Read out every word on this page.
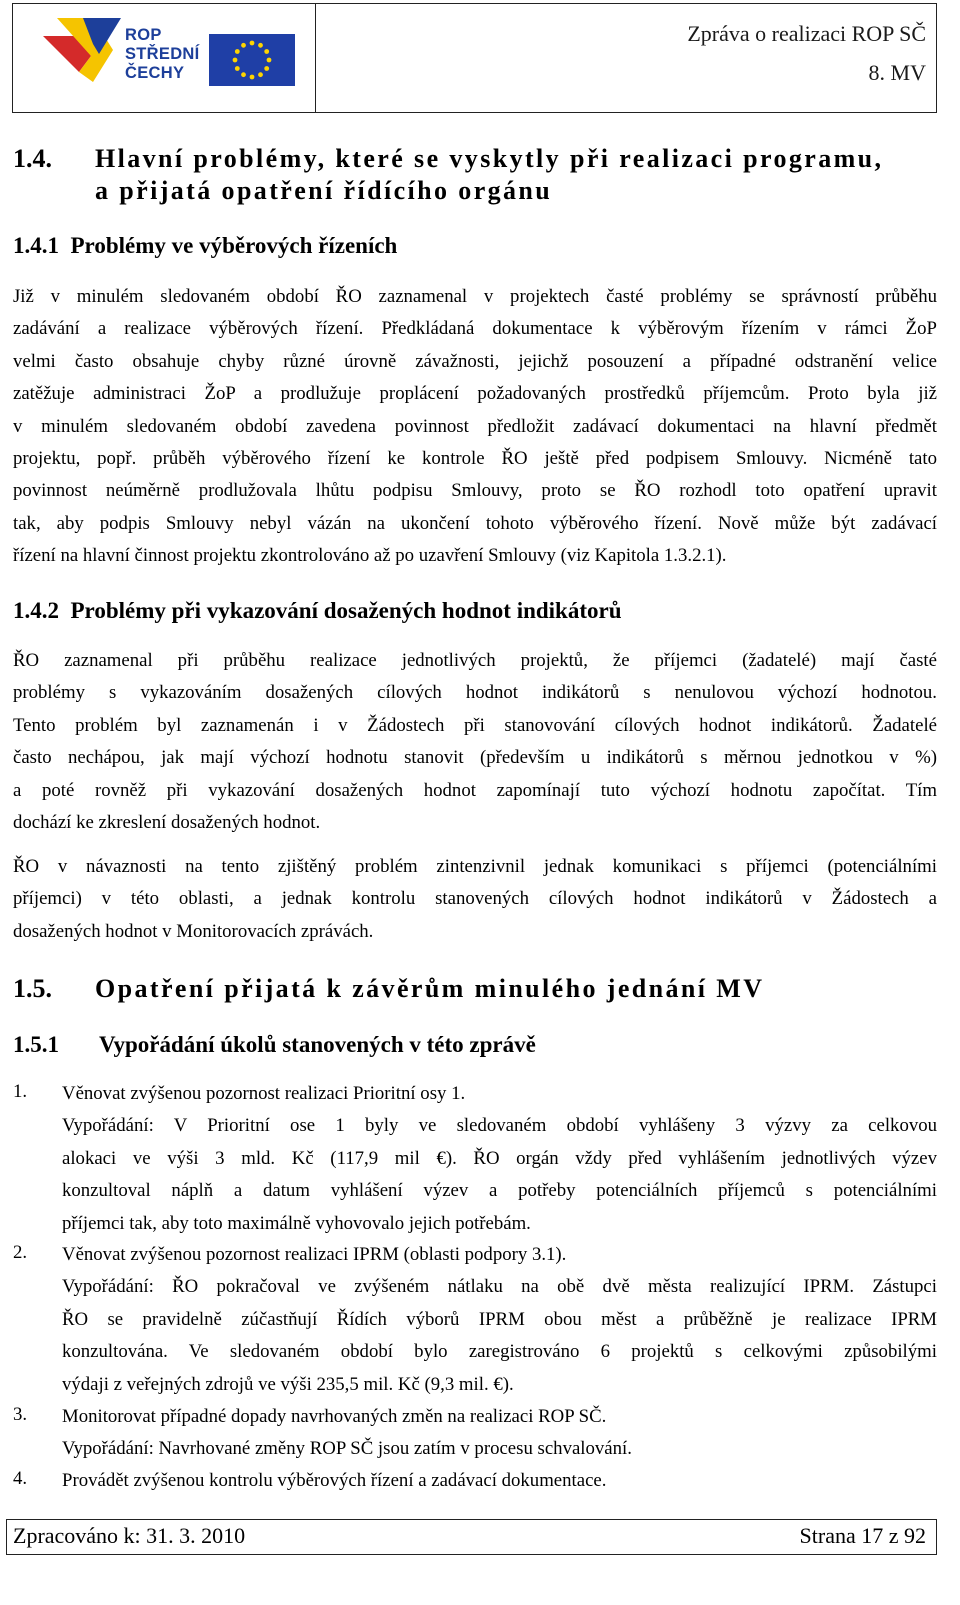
ROP
STŘEDNÍ
ČECHY
Zpráva o realizaci ROP SČ
8. MV
1.4. Hlavní problémy, které se vyskytly při realizaci programu,
a přijatá opatření řídícího orgánu
1.4.1 Problémy ve výběrových řízeních
Již v minulém sledovaném období ŘO zaznamenal v projektech časté problémy se správností průběhu
zadávání a realizace výběrových řízení. Předkládaná dokumentace k výběrovým řízením v rámci ŽoP
velmi často obsahuje chyby různé úrovně závažnosti, jejichž posouzení a případné odstranění velice
zatěžuje administraci ŽoP a prodlužuje proplácení požadovaných prostředků příjemcům. Proto byla již
v minulém sledovaném období zavedena povinnost předložit zadávací dokumentaci na hlavní předmět
projektu, popř. průběh výběrového řízení ke kontrole ŘO ještě před podpisem Smlouvy. Nicméně tato
povinnost neúměrně prodlužovala lhůtu podpisu Smlouvy, proto se ŘO rozhodl toto opatření upravit
tak, aby podpis Smlouvy nebyl vázán na ukončení tohoto výběrového řízení. Nově může být zadávací
řízení na hlavní činnost projektu zkontrolováno až po uzavření Smlouvy (viz Kapitola 1.3.2.1).
1.4.2 Problémy při vykazování dosažených hodnot indikátorů
ŘO zaznamenal při průběhu realizace jednotlivých projektů, že příjemci (žadatelé) mají časté
problémy s vykazováním dosažených cílových hodnot indikátorů s nenulovou výchozí hodnotou.
Tento problém byl zaznamenán i v Žádostech při stanovování cílových hodnot indikátorů. Žadatelé
často nechápou, jak mají výchozí hodnotu stanovit (především u indikátorů s měrnou jednotkou v %)
a poté rovněž při vykazování dosažených hodnot zapomínají tuto výchozí hodnotu započítat. Tím
dochází ke zkreslení dosažených hodnot.
ŘO v návaznosti na tento zjištěný problém zintenzivnil jednak komunikaci s příjemci (potenciálními
příjemci) v této oblasti, a jednak kontrolu stanovených cílových hodnot indikátorů v Žádostech a
dosažených hodnot v Monitorovacích zprávách.
1.5. Opatření přijatá k závěrům minulého jednání MV
1.5.1 Vypořádání úkolů stanovených v této zprávě
1. Věnovat zvýšenou pozornost realizaci Prioritní osy 1.
Vypořádání: V Prioritní ose 1 byly ve sledovaném období vyhlášeny 3 výzvy za celkovou
alokaci ve výši 3 mld. Kč (117,9 mil €). ŘO orgán vždy před vyhlášením jednotlivých výzev
konzultoval náplň a datum vyhlášení výzev a potřeby potenciálních příjemců s potenciálními
příjemci tak, aby toto maximálně vyhovovalo jejich potřebám.
2. Věnovat zvýšenou pozornost realizaci IPRM (oblasti podpory 3.1).
Vypořádání: ŘO pokračoval ve zvýšeném nátlaku na obě dvě města realizující IPRM. Zástupci
ŘO se pravidelně zúčastňují Řídích výborů IPRM obou měst a průběžně je realizace IPRM
konzultována. Ve sledovaném období bylo zaregistrováno 6 projektů s celkovými způsobilými
výdaji z veřejných zdrojů ve výši 235,5 mil. Kč (9,3 mil. €).
3. Monitorovat případné dopady navrhovaných změn na realizaci ROP SČ.
Vypořádání: Navrhované změny ROP SČ jsou zatím v procesu schvalování.
4. Provádět zvýšenou kontrolu výběrových řízení a zadávací dokumentace.
Zpracováno k: 31. 3. 2010	Strana 17 z 92
